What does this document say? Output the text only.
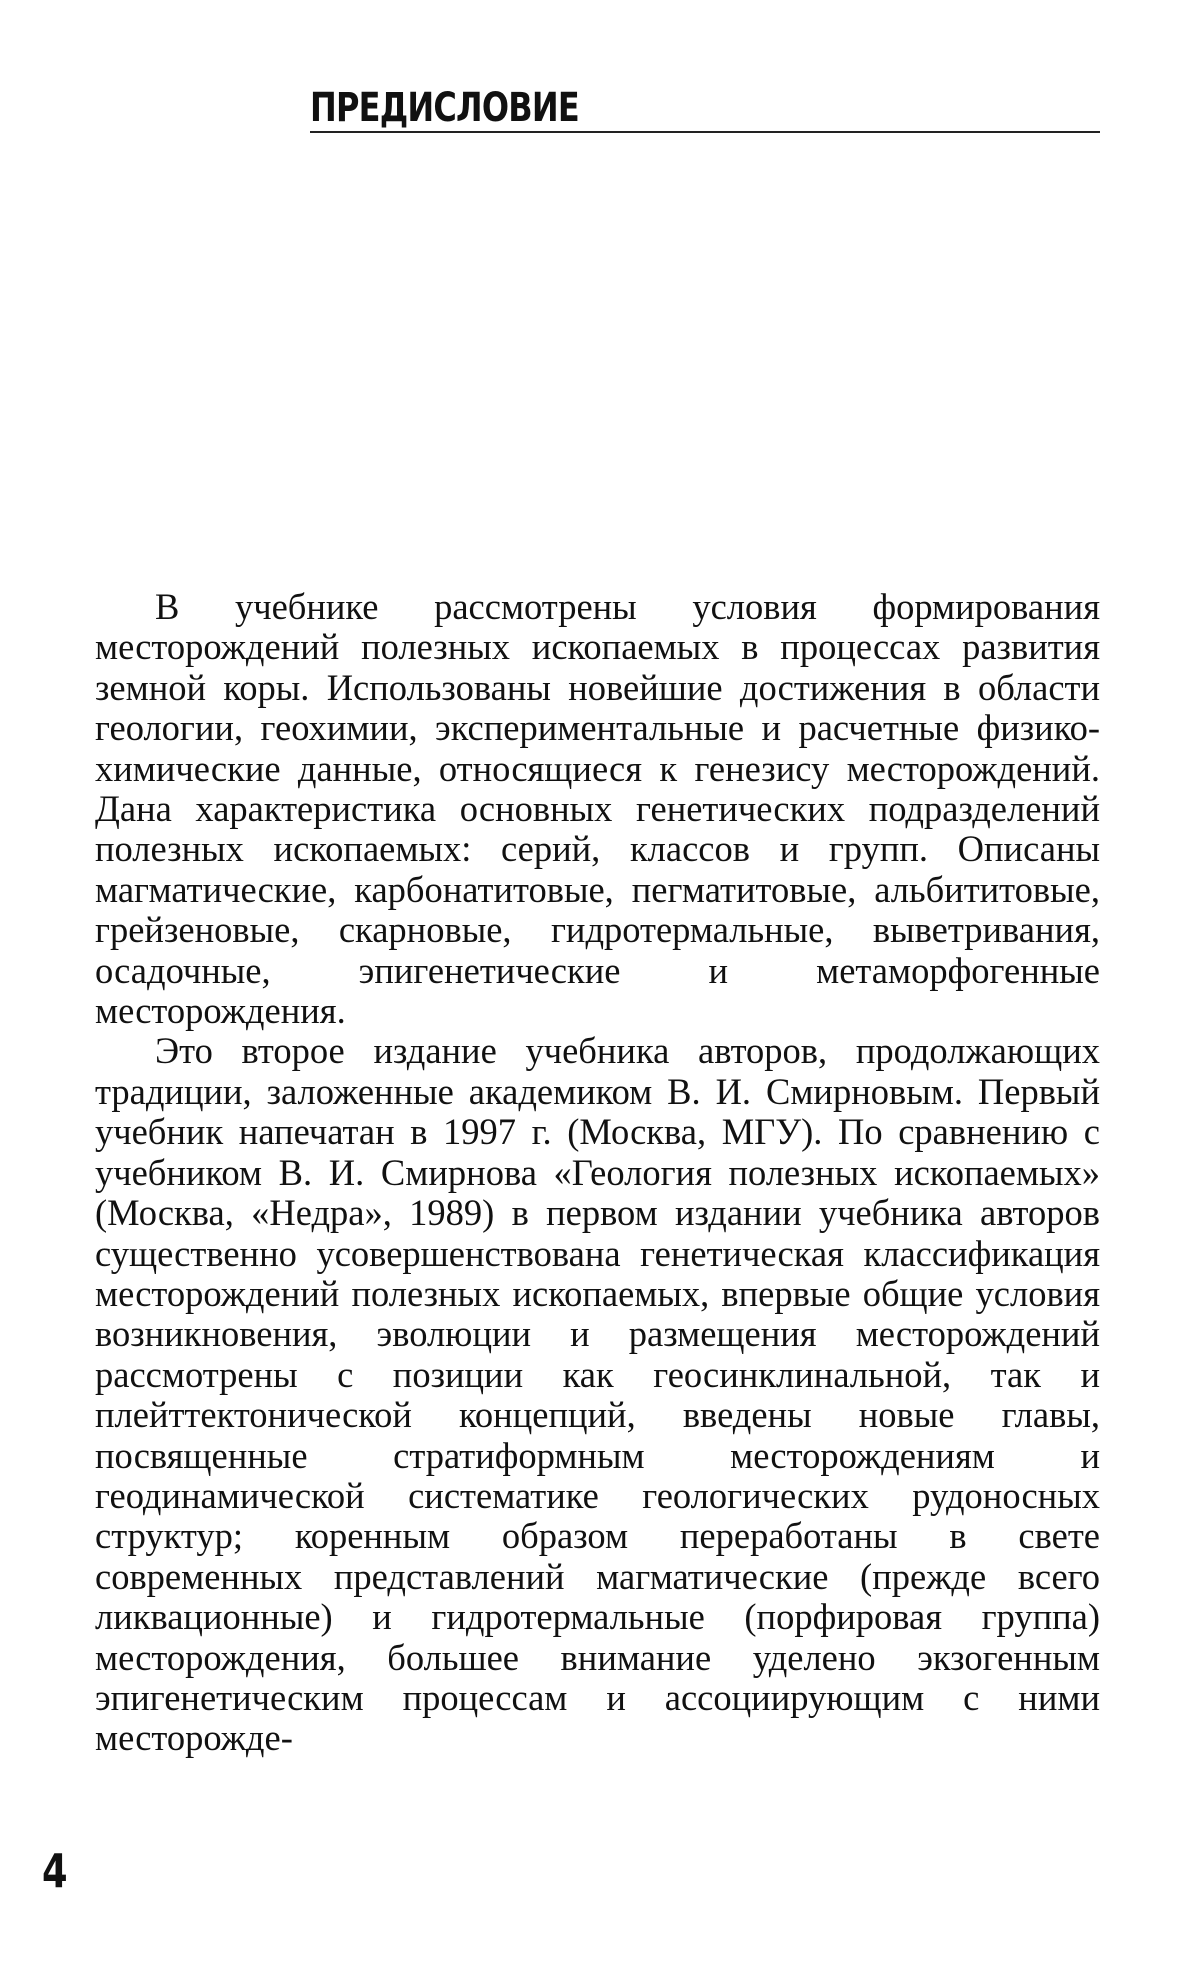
ПРЕДИСЛОВИЕ

В учебнике рассмотрены условия формирования месторождений полезных ископаемых в процессах развития земной коры. Использованы новейшие достижения в области геологии, геохимии, экспериментальные и расчетные физико-химические данные, относящиеся к генезису месторождений. Дана характеристика основных генетических подразделений полезных ископаемых: серий, классов и групп. Описаны магматические, карбонатитовые, пегматитовые, альбититовые, грейзеновые, скарновые, гидротермальные, выветривания, осадочные, эпигенетические и метаморфогенные месторождения.

Это второе издание учебника авторов, продолжающих традиции, заложенные академиком В. И. Смирновым. Первый учебник напечатан в 1997 г. (Москва, МГУ). По сравнению с учебником В. И. Смирнова «Геология полезных ископаемых» (Москва, «Недра», 1989) в первом издании учебника авторов существенно усовершенствована генетическая классификация месторождений полезных ископаемых, впервые общие условия возникновения, эволюции и размещения месторождений рассмотрены с позиции как геосинклинальной, так и плейттектонической концепций, введены новые главы, посвященные стратиформным месторождениям и геодинамической систематике геологических рудоносных структур; коренным образом переработаны в свете современных представлений магматические (прежде всего ликвационные) и гидротермальные (порфировая группа) месторождения, большее внимание уделено экзогенным эпигенетическим процессам и ассоциирующим с ними месторожде-

4
